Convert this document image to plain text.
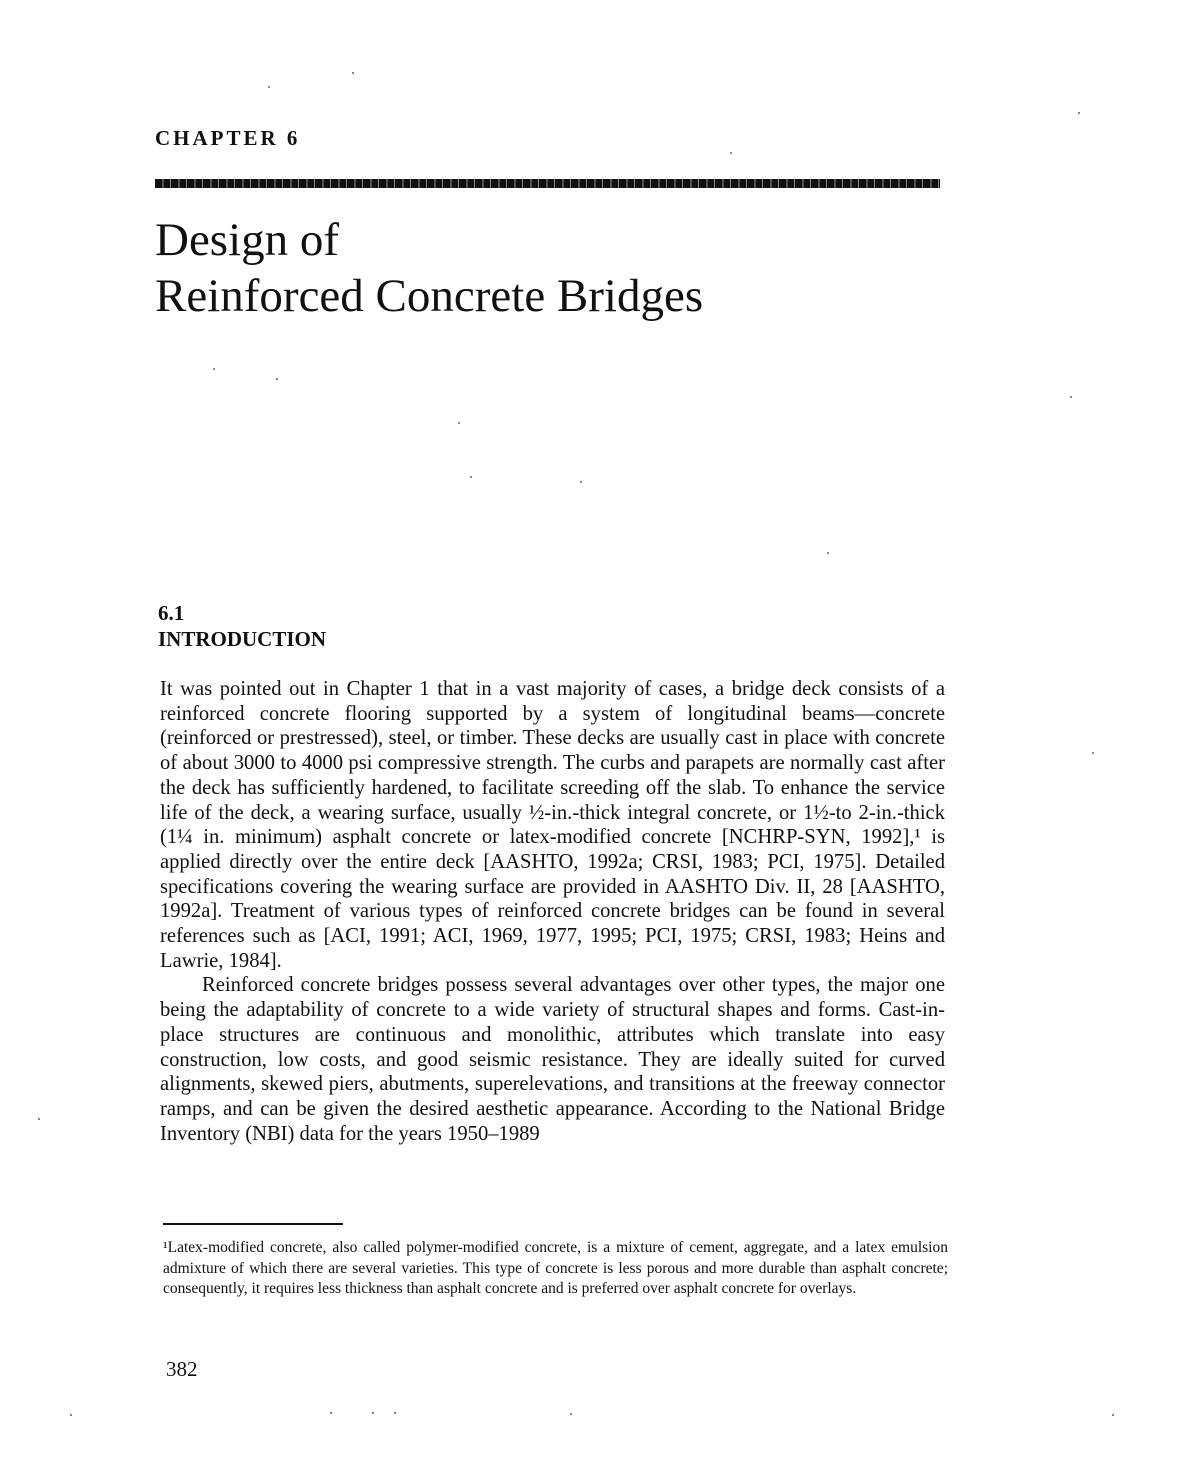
CHAPTER 6
Design of
Reinforced Concrete Bridges
6.1
INTRODUCTION

It was pointed out in Chapter 1 that in a vast majority of cases, a bridge deck consists of a reinforced concrete flooring supported by a system of longitudinal beams—concrete (reinforced or prestressed), steel, or timber. These decks are usually cast in place with concrete of about 3000 to 4000 psi compressive strength. The curbs and parapets are normally cast after the deck has sufficiently hardened, to facilitate screeding off the slab. To enhance the service life of the deck, a wearing surface, usually ½-in.-thick integral concrete, or 1½-to 2-in.-thick (1¼ in. minimum) asphalt concrete or latex-modified concrete [NCHRP-SYN, 1992],¹ is applied directly over the entire deck [AASHTO, 1992a; CRSI, 1983; PCI, 1975]. Detailed specifications covering the wearing surface are provided in AASHTO Div. II, 28 [AASHTO, 1992a]. Treatment of various types of reinforced concrete bridges can be found in several references such as [ACI, 1991; ACI, 1969, 1977, 1995; PCI, 1975; CRSI, 1983; Heins and Lawrie, 1984].

Reinforced concrete bridges possess several advantages over other types, the major one being the adaptability of concrete to a wide variety of structural shapes and forms. Cast-in-place structures are continuous and monolithic, attributes which translate into easy construction, low costs, and good seismic resistance. They are ideally suited for curved alignments, skewed piers, abutments, superelevations, and transitions at the freeway connector ramps, and can be given the desired aesthetic appearance. According to the National Bridge Inventory (NBI) data for the years 1950–1989

¹Latex-modified concrete, also called polymer-modified concrete, is a mixture of cement, aggregate, and a latex emulsion admixture of which there are several varieties. This type of concrete is less porous and more durable than asphalt concrete; consequently, it requires less thickness than asphalt concrete and is preferred over asphalt concrete for overlays.
382
